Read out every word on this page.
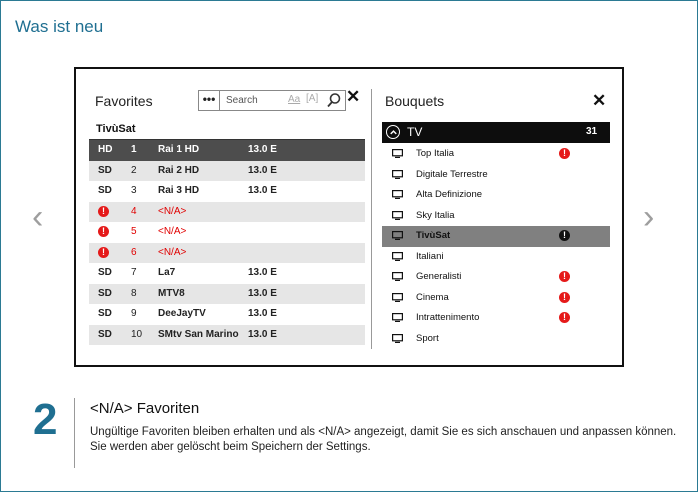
Was ist neu
‹	›
Favorites	•••
Search	Aa [A] ✕
TivùSat
HD 1 Rai 1 HD	13.0 E
SD 2 Rai 2 HD	13.0 E
SD 3 Rai 3 HD	13.0 E
!	4 <N/A>
!	5 <N/A>
!	6 <N/A>
SD 7 La7	13.0 E
SD 8 MTV8	13.0 E
SD 9 DeeJayTV	13.0 E
SD 10 SMtv San Marino 13.0 E
Bouquets	✕
TV	31
Top Italia	!
Digitale Terrestre
Alta Definizione
Sky Italia
TivùSat	!
Italiani
Generalisti	!
Cinema	!
Intrattenimento	!
Sport
2 <N/A> Favoriten
Ungültige Favoriten bleiben erhalten und als <N/A> angezeigt, damit Sie es sich anschauen und anpassen können. Sie werden aber gelöscht beim Speichern der Settings.
